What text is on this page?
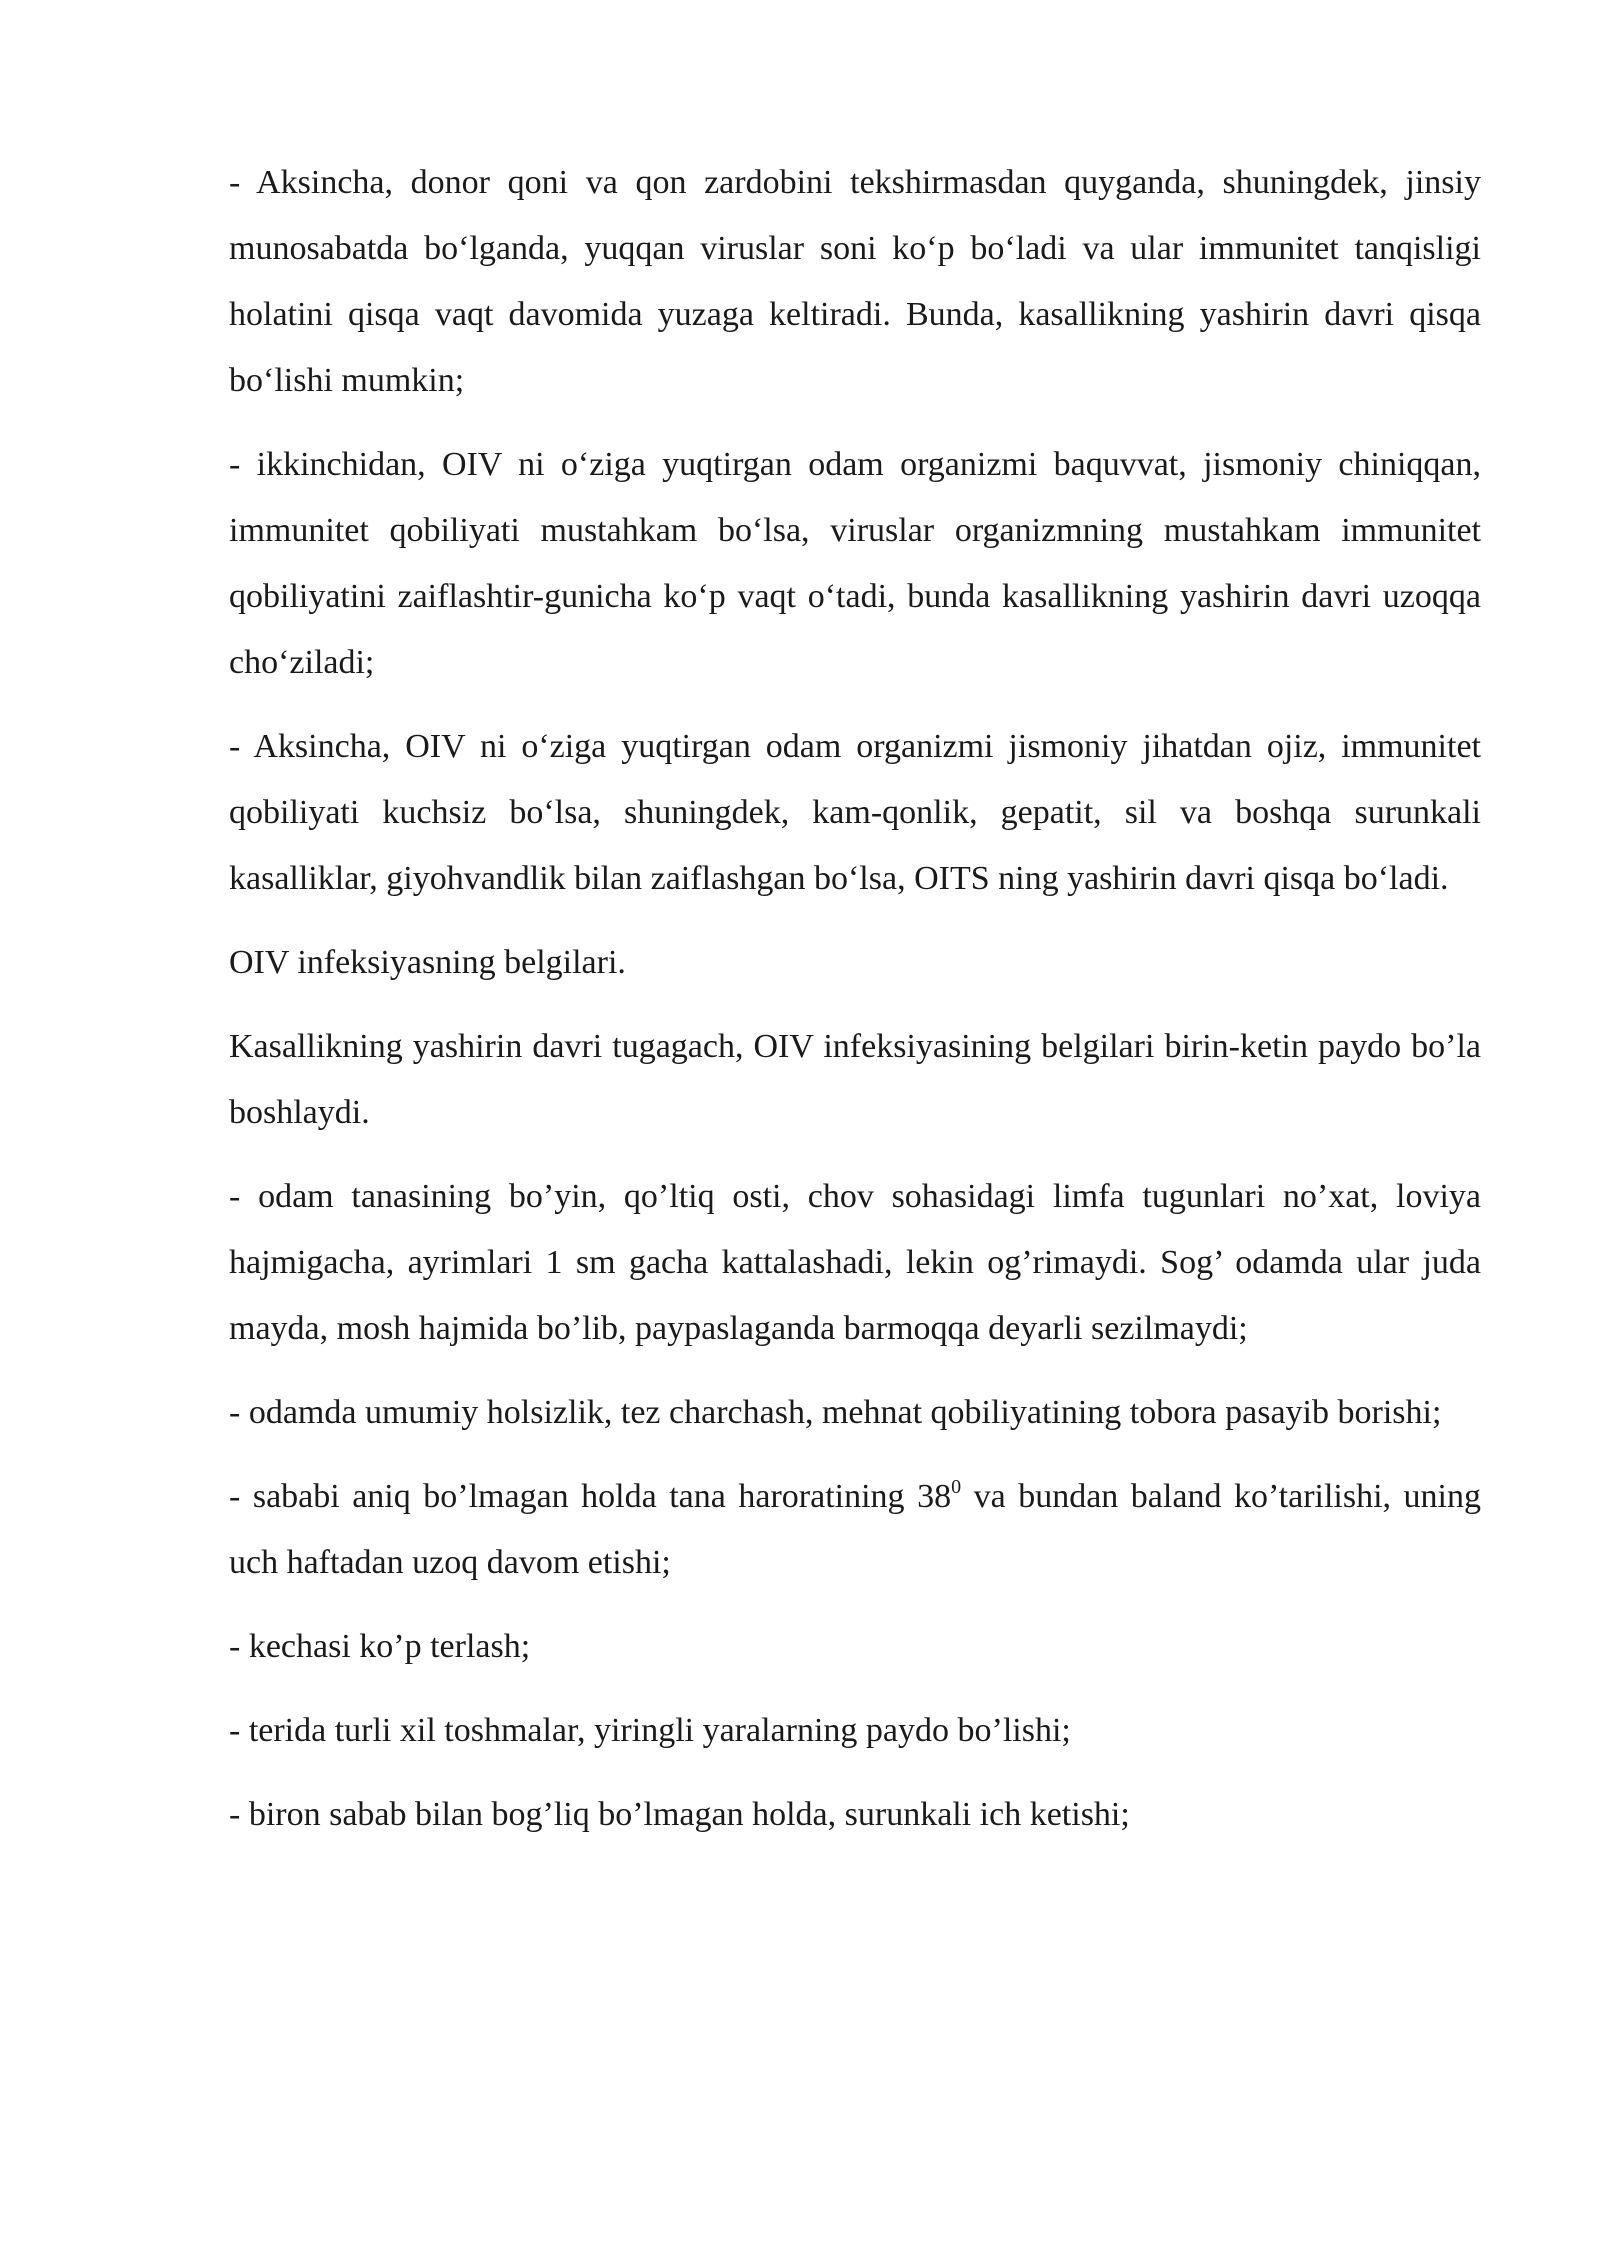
- Aksincha, donor qoni va qon zardobini tekshirmasdan quyganda, shuningdek, jinsiy munosabatda bo‘lganda, yuqqan viruslar soni ko‘p bo‘ladi va ular immunitet tanqisligi holatini qisqa vaqt davomida yuzaga keltiradi. Bunda, kasallikning yashirin davri qisqa bo‘lishi mumkin;

- ikkinchidan, OIV ni o‘ziga yuqtirgan odam organizmi baquvvat, jismoniy chiniqqan, immunitet qobiliyati mustahkam bo‘lsa, viruslar organizmning mustahkam immunitet qobiliyatini zaiflashtir-gunicha ko‘p vaqt o‘tadi, bunda kasallikning yashirin davri uzoqqa cho‘ziladi;

- Aksincha, OIV ni o‘ziga yuqtirgan odam organizmi jismoniy jihatdan ojiz, immunitet qobiliyati kuchsiz bo‘lsa, shuningdek, kam-qonlik, gepatit, sil va boshqa surunkali kasalliklar, giyohvandlik bilan zaiflashgan bo‘lsa, OITS ning yashirin davri qisqa bo‘ladi.

OIV infeksiyasning belgilari.

Kasallikning yashirin davri tugagach, OIV infeksiyasining belgilari birin-ketin paydo bo’la boshlaydi.

- odam tanasining bo’yin, qo’ltiq osti, chov sohasidagi limfa tugunlari no’xat, loviya hajmigacha, ayrimlari 1 sm gacha kattalashadi, lekin og’rimaydi. Sog’ odamda ular juda mayda, mosh hajmida bo’lib, paypaslaganda barmoqqa deyarli sezilmaydi;

- odamda umumiy holsizlik, tez charchash, mehnat qobiliyatining tobora pasayib borishi;

- sababi aniq bo’lmagan holda tana haroratining $38^0$ va bundan baland ko’tarilishi, uning uch haftadan uzoq davom etishi;

- kechasi ko’p terlash;

- terida turli xil toshmalar, yiringli yaralarning paydo bo’lishi;

- biron sabab bilan bog’liq bo’lmagan holda, surunkali ich ketishi;
